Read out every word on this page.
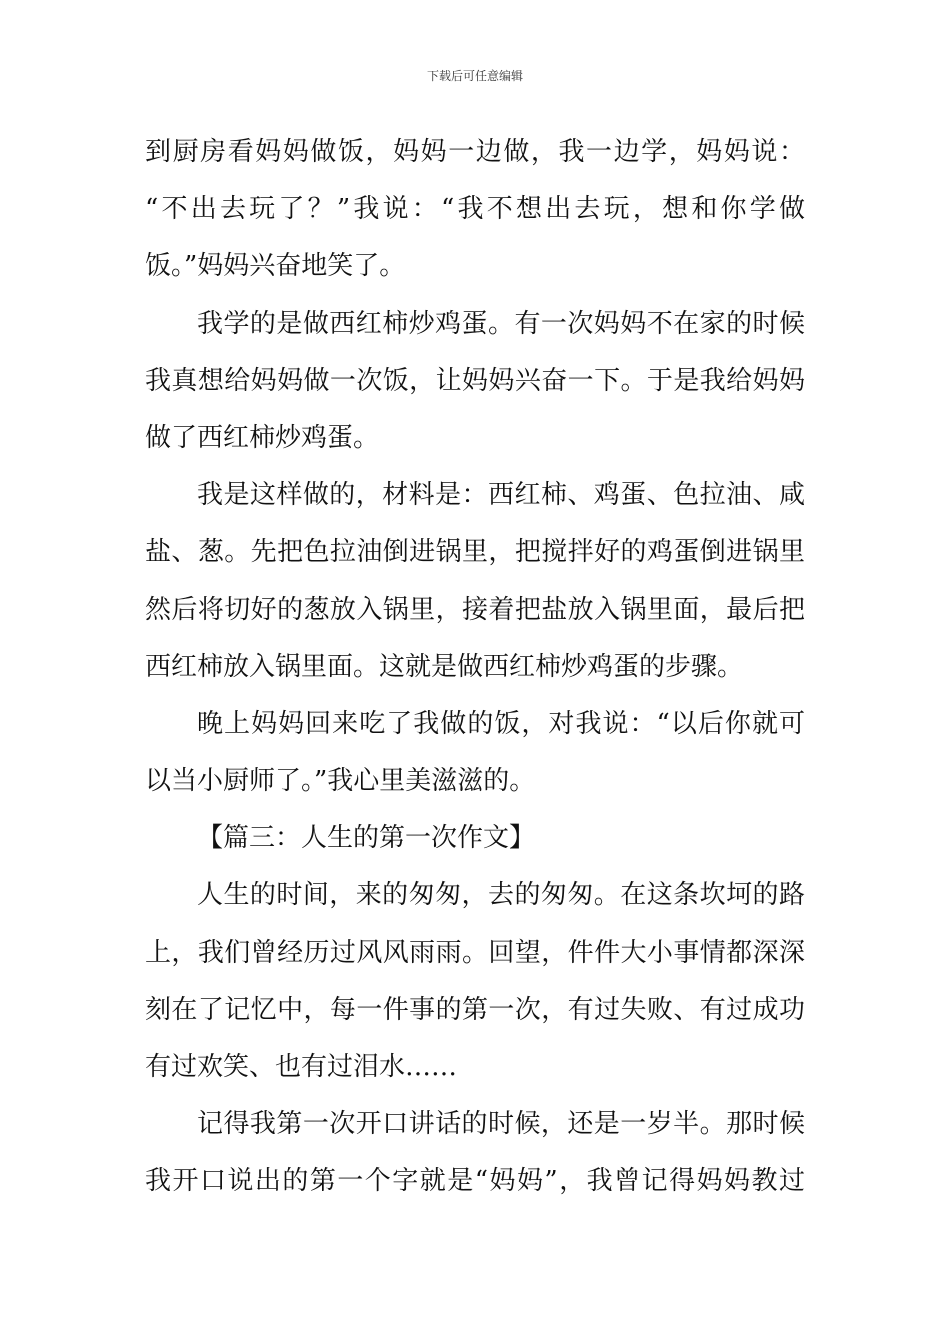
下载后可任意编辑
到厨房看妈妈做饭，妈妈一边做，我一边学，妈妈说：
“不出去玩了？”我说：“我不想出去玩，想和你学做
饭。”妈妈兴奋地笑了。
我学的是做西红柿炒鸡蛋。有一次妈妈不在家的时候
我真想给妈妈做一次饭，让妈妈兴奋一下。于是我给妈妈
做了西红柿炒鸡蛋。
我是这样做的，材料是：西红柿、鸡蛋、色拉油、咸
盐、葱。先把色拉油倒进锅里，把搅拌好的鸡蛋倒进锅里
然后将切好的葱放入锅里，接着把盐放入锅里面，最后把
西红柿放入锅里面。这就是做西红柿炒鸡蛋的步骤。
晚上妈妈回来吃了我做的饭，对我说：“以后你就可
以当小厨师了。”我心里美滋滋的。
【篇三：人生的第一次作文】
人生的时间，来的匆匆，去的匆匆。在这条坎坷的路
上，我们曾经历过风风雨雨。回望，件件大小事情都深深
刻在了记忆中，每一件事的第一次，有过失败、有过成功
有过欢笑、也有过泪水……
记得我第一次开口讲话的时候，还是一岁半。那时候
我开口说出的第一个字就是“妈妈”，我曾记得妈妈教过
